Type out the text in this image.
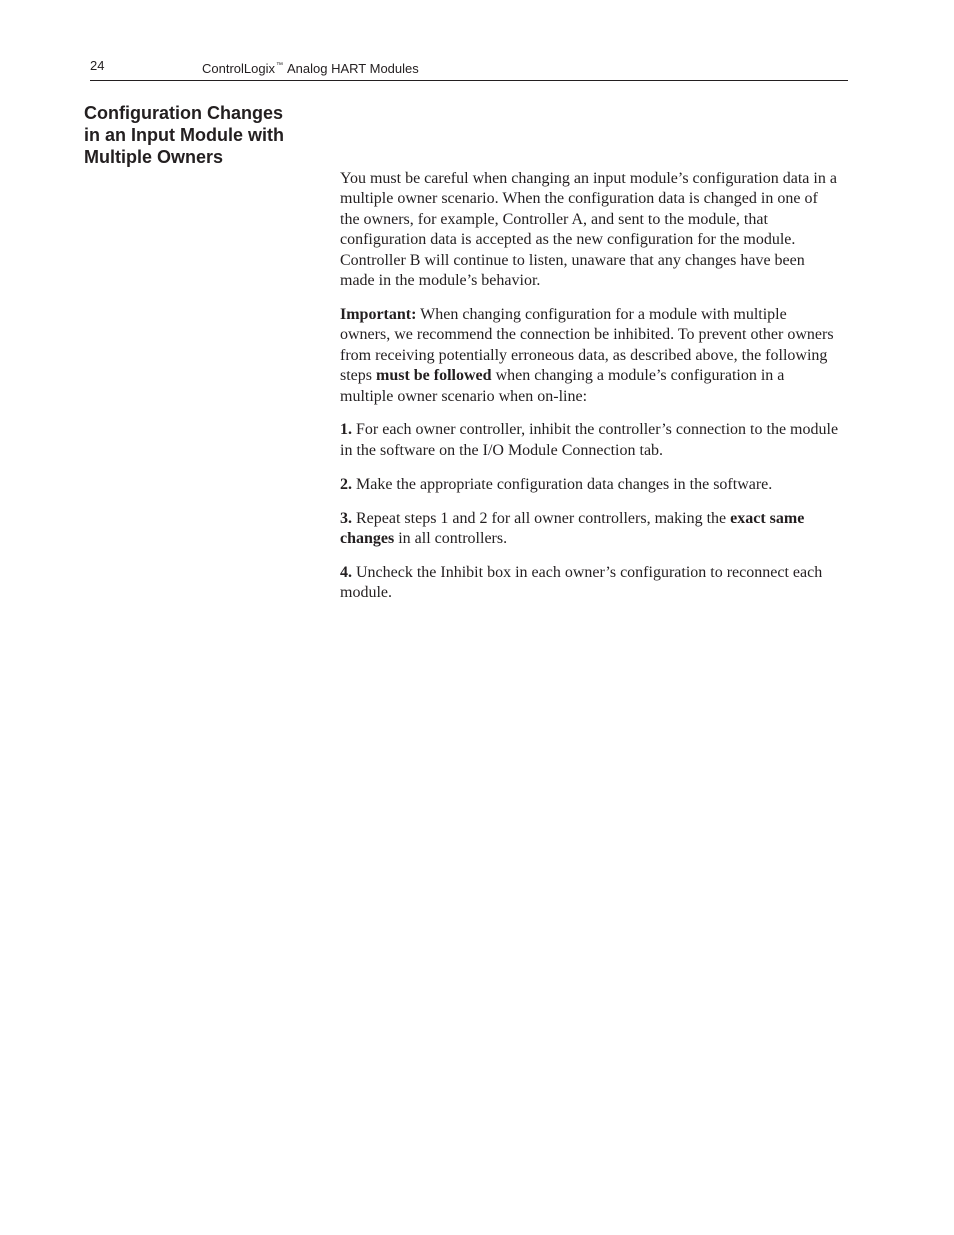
24	ControlLogix™ Analog HART Modules
Configuration Changes in an Input Module with Multiple Owners

You must be careful when changing an input module’s configuration data in a multiple owner scenario. When the configuration data is changed in one of the owners, for example, Controller A, and sent to the module, that configuration data is accepted as the new configuration for the module. Controller B will continue to listen, unaware that any changes have been made in the module’s behavior.

Important: When changing configuration for a module with multiple owners, we recommend the connection be inhibited. To prevent other owners from receiving potentially erroneous data, as described above, the following steps must be followed when changing a module’s configuration in a multiple owner scenario when on-line:

1. For each owner controller, inhibit the controller’s connection to the module in the software on the I/O Module Connection tab.

2. Make the appropriate configuration data changes in the software.

3. Repeat steps 1 and 2 for all owner controllers, making the exact same changes in all controllers.

4. Uncheck the Inhibit box in each owner’s configuration to reconnect each module.
